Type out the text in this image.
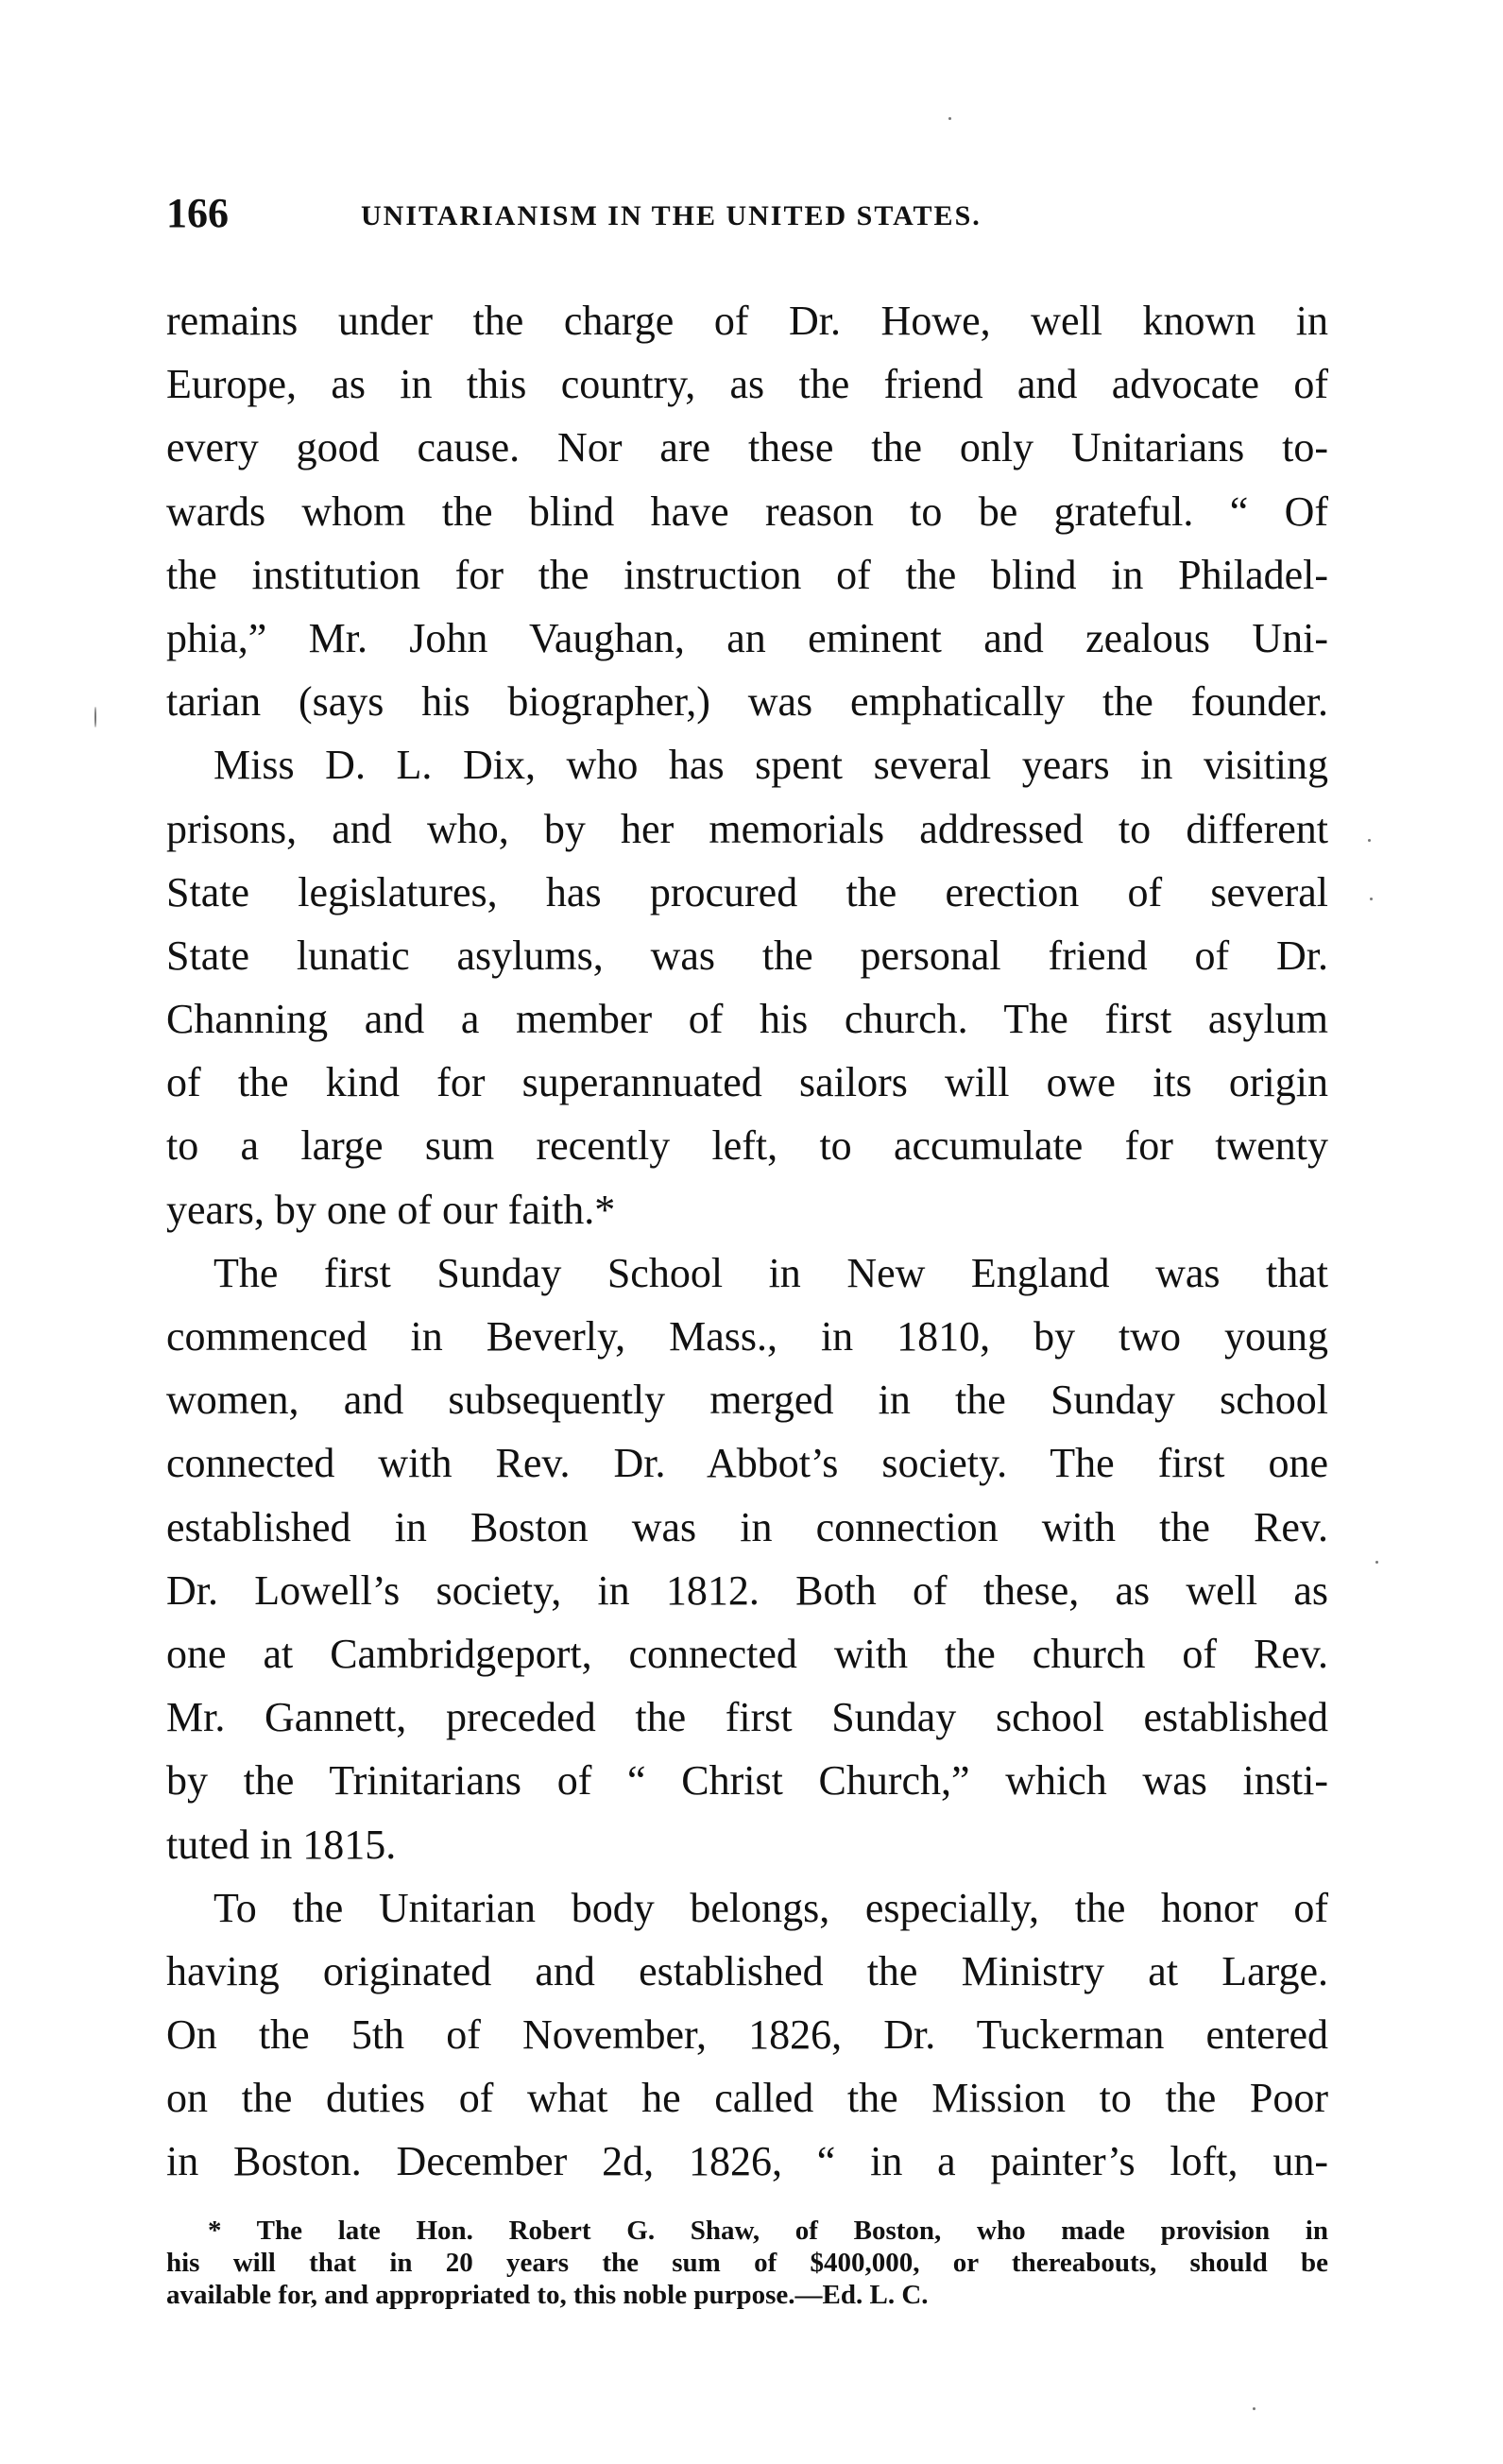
166	UNITARIANISM IN THE UNITED STATES.

remains under the charge of Dr. Howe, well known in
Europe, as in this country, as the friend and advocate of
every good cause. Nor are these the only Unitarians to-
wards whom the blind have reason to be grateful. “ Of
the institution for the instruction of the blind in Philadel-
phia,” Mr. John Vaughan, an eminent and zealous Uni-
tarian (says his biographer,) was emphatically the founder.

Miss D. L. Dix, who has spent several years in visiting
prisons, and who, by her memorials addressed to different
State legislatures, has procured the erection of several
State lunatic asylums, was the personal friend of Dr.
Channing and a member of his church. The first asylum
of the kind for superannuated sailors will owe its origin
to a large sum recently left, to accumulate for twenty
years, by one of our faith.*

The first Sunday School in New England was that
commenced in Beverly, Mass., in 1810, by two young
women, and subsequently merged in the Sunday school
connected with Rev. Dr. Abbot’s society. The first one
established in Boston was in connection with the Rev.
Dr. Lowell’s society, in 1812. Both of these, as well as
one at Cambridgeport, connected with the church of Rev.
Mr. Gannett, preceded the first Sunday school established
by the Trinitarians of “ Christ Church,” which was insti-
tuted in 1815.

To the Unitarian body belongs, especially, the honor of
having originated and established the Ministry at Large.
On the 5th of November, 1826, Dr. Tuckerman entered
on the duties of what he called the Mission to the Poor
in Boston. December 2d, 1826, “ in a painter’s loft, un-

* The late Hon. Robert G. Shaw, of Boston, who made provision in
his will that in 20 years the sum of $400,000, or thereabouts, should be
available for, and appropriated to, this noble purpose.—Ed. L. C.
